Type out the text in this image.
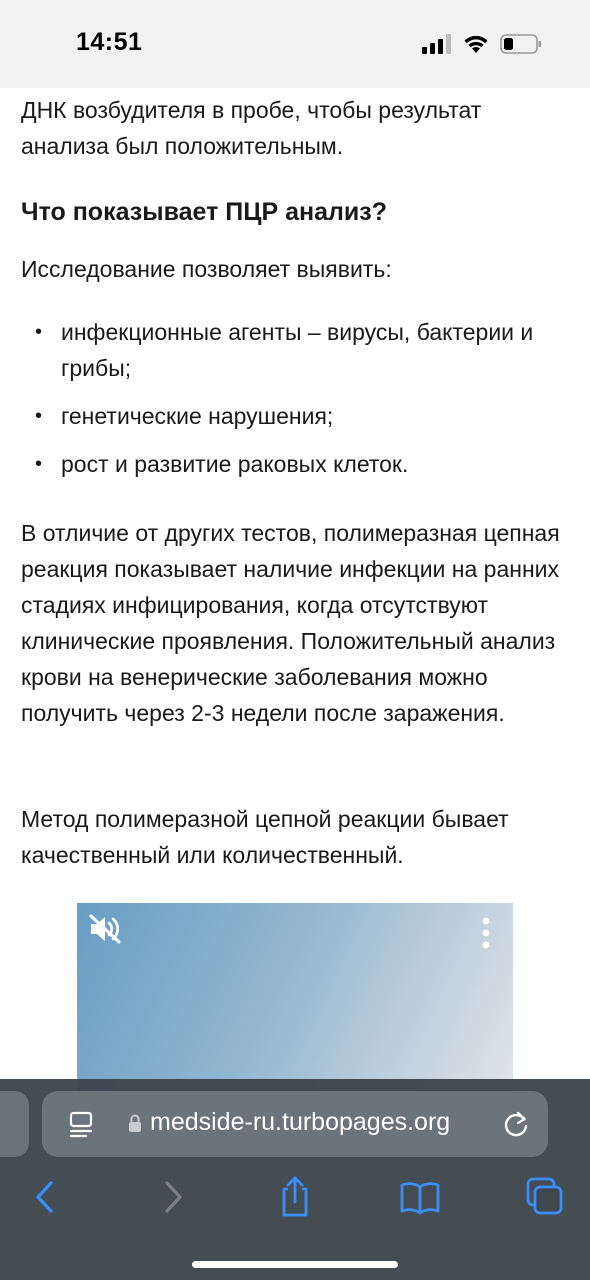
14:51

ДНК возбудителя в пробе, чтобы результат анализа был положительным.

Что показывает ПЦР анализ?

Исследование позволяет выявить:

• инфекционные агенты – вирусы, бактерии и грибы;
• генетические нарушения;
• рост и развитие раковых клеток.

В отличие от других тестов, полимеразная цепная реакция показывает наличие инфекции на ранних стадиях инфицирования, когда отсутствуют клинические проявления. Положительный анализ крови на венерические заболевания можно получить через 2-3 недели после заражения.

Метод полимеразной цепной реакции бывает качественный или количественный.

medside-ru.turbopages.org
